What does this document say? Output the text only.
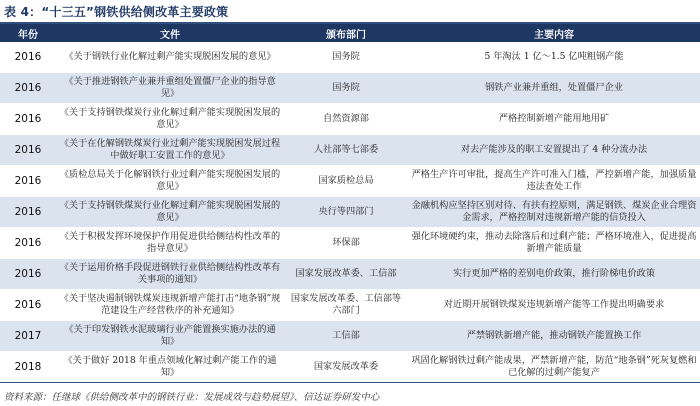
表 4：“十三五”钢铁供给侧改革主要政策
年份	文件	颁布部门	主要内容
2016	《关于钢铁行业化解过剩产能实现脱困发展的意见》	国务院	5 年淘汰 1 亿～1.5 亿吨粗钢产能
2016	《关于推进钢铁产业兼并重组处置僵尸企业的指导意见》	国务院	钢铁产业兼并重组，处置僵尸企业
2016	《关于支持钢铁煤炭行业化解过剩产能实现脱困发展的意见》	自然资源部	严格控制新增产能用地用矿
2016	《关于在化解钢铁煤炭行业过剩产能实现脱困发展过程中做好职工安置工作的意见》	人社部等七部委	对去产能涉及的职工安置提出了 4 种分流办法
2016	《质检总局关于化解钢铁行业过剩产能实现脱困发展的意见》	国家质检总局	严格生产许可审批，提高生产许可准入门槛，严控新增产能，加强质量违法查处工作
2016	《关于支持钢铁煤炭行业化解过剩产能实现脱困发展的意见》	央行等四部门	金融机构应坚持区别对待、有扶有控原则，满足钢铁、煤炭企业合理资金需求，严格控制对违规新增产能的信贷投入
2016	《关于积极发挥环境保护作用促进供给侧结构性改革的指导意见》	环保部	强化环境硬约束，推动去除落后和过剩产能；严格环境准入，促进提高新增产能质量
2016	《关于运用价格手段促进钢铁行业供给侧结构性改革有关事项的通知》	国家发展改革委、工信部	实行更加严格的差别电价政策，推行阶梯电价政策
2016	《关于坚决遏制钢铁煤炭违规新增产能打击“地条钢”规范建设生产经营秩序的补充通知》	国家发展改革委、工信部等六部门	对近期开展钢铁煤炭违规新增产能等工作提出明确要求
2017	《关于印发钢铁水泥玻璃行业产能置换实施办法的通知》	工信部	严禁钢铁新增产能，推动钢铁产能置换工作
2018	《关于做好 2018 年重点领域化解过剩产能工作的通知》	国家发展改革委	巩固化解钢铁过剩产能成果，严禁新增产能，防范“地条钢”死灰复燃和已化解的过剩产能复产
资料来源：任继球《供给侧改革中的钢铁行业：发展成效与趋势展望》、信达证券研发中心
